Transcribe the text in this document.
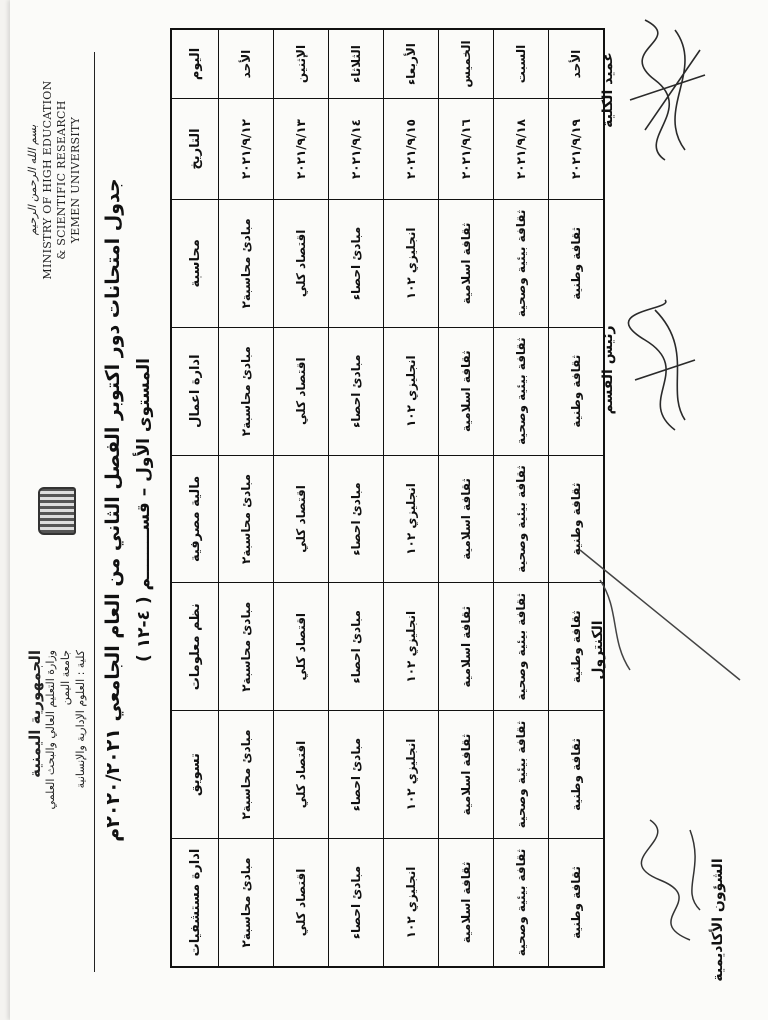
الجمهورية اليمنية وزارة التعليم العالي والبحث العلمي جامعة اليمن كلية : العلوم الإدارية والإنسانية
بسم الله الرحمن الرحيم MINISTRY OF HIGH EDUCATION & SCIENTIFIC RESEARCH YEMEN UNIVERSITY
جدول امتحانات دور اكتوبر الفصل الثاني من العام الجامعي ٢٠٢٠/٢٠٢١م المستوى الأول – قســــــــم ( ٤-١٢ )
اليوم	التاريخ	محاسبة	ادارة اعمال	مالية مصرفية	نظم معلومات	تسويق	ادارة مستشفيات
الأحد	٢٠٢١/٩/١٢	مبادئ محاسبة٢	مبادئ محاسبة٢	مبادئ محاسبة٢	مبادئ محاسبة٢	مبادئ محاسبة٢	مبادئ محاسبة٢
الإثنين	٢٠٢١/٩/١٣	اقتصاد كلي	اقتصاد كلي	اقتصاد كلي	اقتصاد كلي	اقتصاد كلي	اقتصاد كلي
الثلاثاء	٢٠٢١/٩/١٤	مبادئ احصاء	مبادئ احصاء	مبادئ احصاء	مبادئ احصاء	مبادئ احصاء	مبادئ احصاء
الأربعاء	٢٠٢١/٩/١٥	انجليزي ١٠٢	انجليزي ١٠٢	انجليزي ١٠٢	انجليزي ١٠٢	انجليزي ١٠٢	انجليزي ١٠٢
الخميس	٢٠٢١/٩/١٦	ثقافة اسلامية	ثقافة اسلامية	ثقافة اسلامية	ثقافة اسلامية	ثقافة اسلامية	ثقافة اسلامية
السبت	٢٠٢١/٩/١٨	ثقافة بيئية وصحية	ثقافة بيئية وصحية	ثقافة بيئية وصحية	ثقافة بيئية وصحية	ثقافة بيئية وصحية	ثقافة بيئية وصحية
الأحد	٢٠٢١/٩/١٩	ثقافة وطنية	ثقافة وطنية	ثقافة وطنية	ثقافة وطنية	ثقافة وطنية	ثقافة وطنية	الشؤون الأكاديمية
الكنترول
رئيس القسم
عميد الكلية
